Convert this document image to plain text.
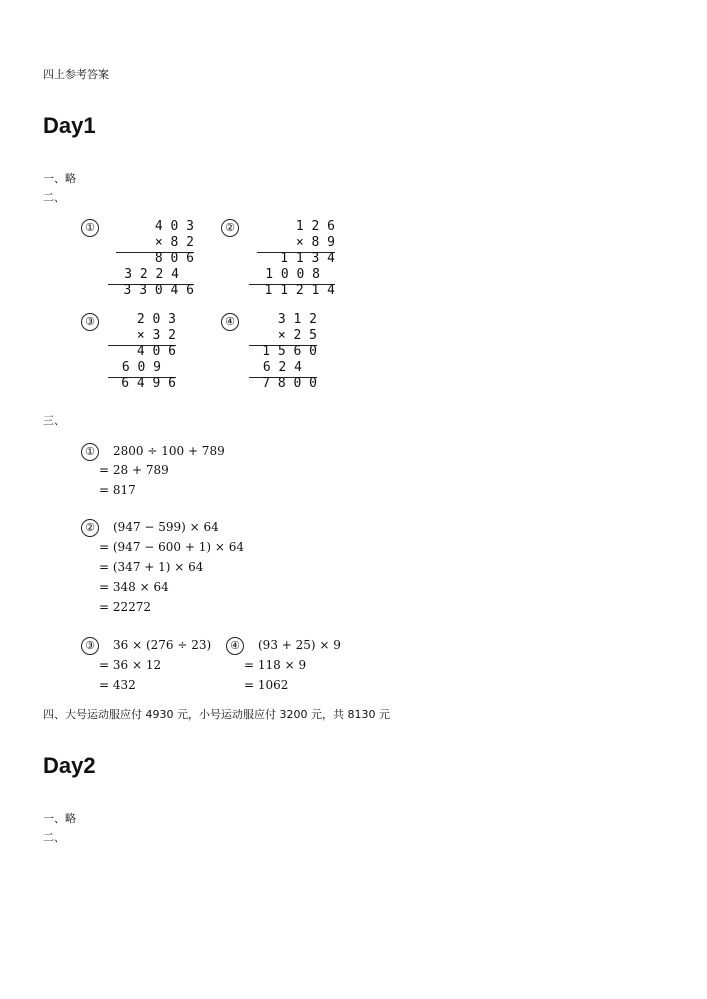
四上参考答案
Day1
一、略
二、
①	4 0 3
× 8 2
8 0 6
3 2 2 4
3 3 0 4 6
②	1 2 6
× 8 9
1 1 3 4
1 0 0 8
1 1 2 1 4
③	2 0 3
× 3 2
4 0 6
6 0 9
6 4 9 6
④	3 1 2
× 2 5
1 5 6 0
6 2 4
7 8 0 0
三、
①	2800 ÷ 100 + 789
= 28 + 789
= 817
②	(947 − 599) × 64
= (947 − 600 + 1) × 64
= (347 + 1) × 64
= 348 × 64
= 22272
③	36 × (276 ÷ 23)
= 36 × 12
= 432
④	(93 + 25) × 9
= 118 × 9
= 1062
四、大号运动服应付 4930 元，小号运动服应付 3200 元，共 8130 元
Day2
一、略
二、
